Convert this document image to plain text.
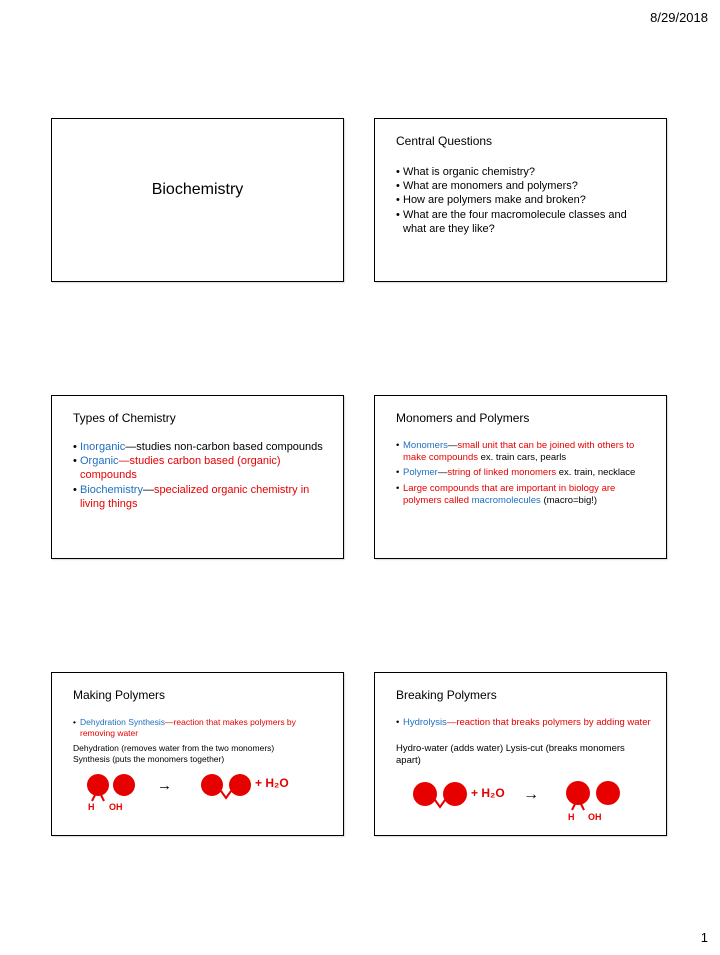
8/29/2018
Biochemistry
Central Questions
• What is organic chemistry?
• What are monomers and polymers?
• How are polymers make and broken?
• What are the four macromolecule classes and what are they like?
Types of Chemistry
• Inorganic—studies non-carbon based compounds
• Organic—studies carbon based (organic) compounds
• Biochemistry—specialized organic chemistry in living things
Monomers and Polymers
• Monomers—small unit that can be joined with others to make compounds ex. train cars, pearls
• Polymer—string of linked monomers ex. train, necklace
• Large compounds that are important in biology are polymers called macromolecules (macro=big!)
Making Polymers
• Dehydration Synthesis—reaction that makes polymers by removing water

Dehydration (removes water from the two monomers)

Synthesis (puts the monomers together)

H OH
→	+ H₂O
Breaking Polymers
• Hydrolysis—reaction that breaks polymers by adding water

Hydro-water (adds water) Lysis-cut (breaks monomers apart)

+ H₂O →
H OH
1
